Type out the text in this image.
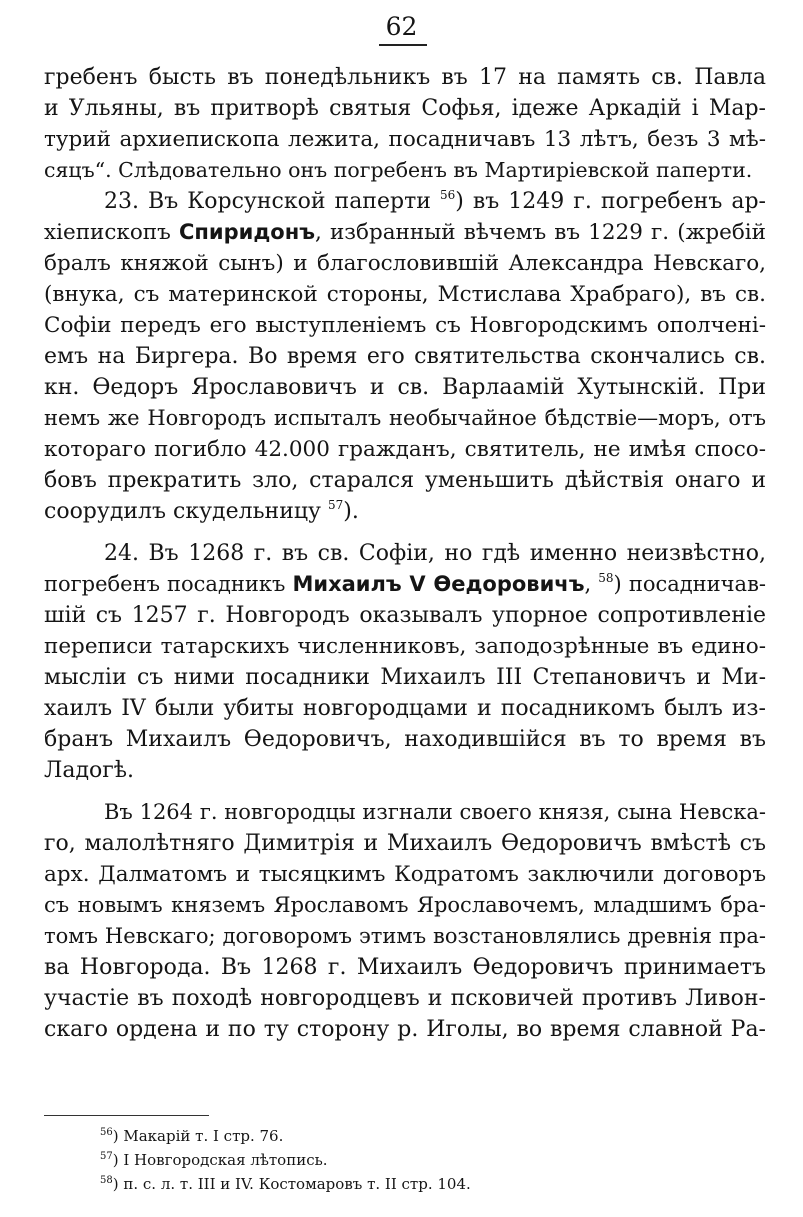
62
гребенъ бысть въ понедѣльникъ въ 17 на память св. Павла
и Ульяны, въ притворѣ святыя Софья, ідеже Аркадій і Мар-
турий архиепископа лежита, посадничавъ 13 лѣтъ, безъ 3 мѣ-
сяцъ“. Слѣдовательно онъ погребенъ въ Мартиріевской паперти.
23. Въ Корсунской паперти $^{56}$) въ 1249 г. погребенъ ар-
хіепископъ Спиридонъ, избранный вѣчемъ въ 1229 г. (жребій
бралъ княжой сынъ) и благословившій Александра Невскаго,
(внука, съ материнской стороны, Мстислава Храбраго), въ св.
Софіи передъ его выступленіемъ съ Новгородскимъ ополчені-
емъ на Биргера. Во время его святительства скончались св.
кн. Ѳедоръ Ярославовичъ и св. Варлаамій Хутынскій. При
немъ же Новгородъ испыталъ необычайное бѣдствіе—моръ, отъ
котораго погибло 42.000 гражданъ, святитель, не имѣя спосо-
бовъ прекратить зло, старался уменьшить дѣйствія онаго и
соорудилъ скудельницу $^{57}$).
24. Въ 1268 г. въ св. Софіи, но гдѣ именно неизвѣстно,
погребенъ посадникъ Михаилъ V Ѳедоровичъ, $^{58}$) посадничав-
шій съ 1257 г. Новгородъ оказывалъ упорное сопротивленіе
переписи татарскихъ численниковъ, заподозрѣнные въ едино-
мысліи съ ними посадники Михаилъ III Степановичъ и Ми-
хаилъ IV были убиты новгородцами и посадникомъ былъ из-
бранъ Михаилъ Ѳедоровичъ, находившійся въ то время въ
Ладогѣ.
Въ 1264 г. новгородцы изгнали своего князя, сына Невска-
го, малолѣтняго Димитрія и Михаилъ Ѳедоровичъ вмѣстѣ съ
арх. Далматомъ и тысяцкимъ Кодратомъ заключили договоръ
съ новымъ княземъ Ярославомъ Ярославочемъ, младшимъ бра-
томъ Невскаго; договоромъ этимъ возстановлялись древнія пра-
ва Новгорода. Въ 1268 г. Михаилъ Ѳедоровичъ принимаетъ
участіе въ походѣ новгородцевъ и псковичей противъ Ливон-
скаго ордена и по ту сторону р. Иголы, во время славной Ра-
$^{56}$) Макарій т. I стр. 76.
$^{57}$) I Новгородская лѣтопись.
$^{58}$) п. с. л. т. III и IV. Костомаровъ т. II стр. 104.
